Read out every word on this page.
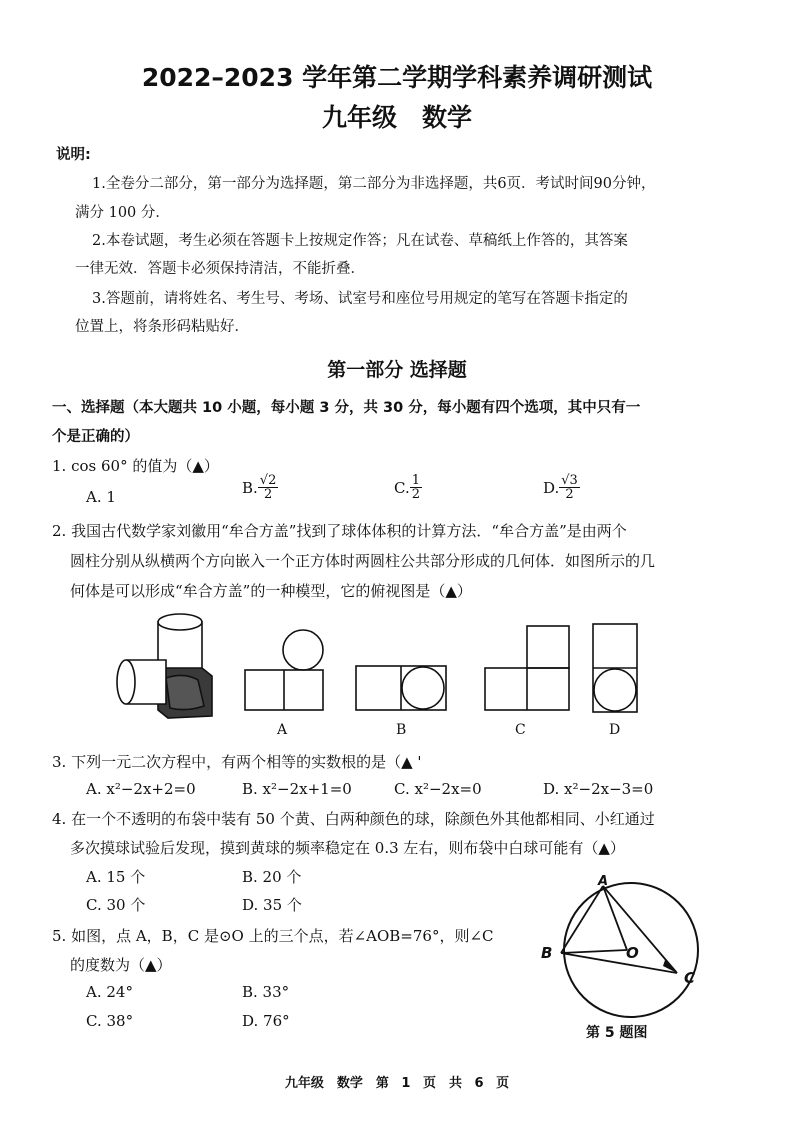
2022–2023 学年第二学期学科素养调研测试
九年级　数学
说明:
1.全卷分二部分，第一部分为选择题，第二部分为非选择题，共6页．考试时间90分钟，
满分 100 分．
2.本卷试题，考生必须在答题卡上按规定作答；凡在试卷、草稿纸上作答的，其答案
一律无效．答题卡必须保持清洁，不能折叠．
3.答题前，请将姓名、考生号、考场、试室号和座位号用规定的笔写在答题卡指定的
位置上，将条形码粘贴好．
第一部分 选择题
一、选择题（本大题共 10 小题，每小题 3 分，共 30 分，每小题有四个选项，其中只有一
个是正确的）
1. cos 60° 的值为（▲）
A. 1
B. $\frac{√2}{2}$	C. $\frac{1}{2}$	D. $\frac{√3}{2}$
2. 我国古代数学家刘徽用“牟合方盖”找到了球体体积的计算方法．“牟合方盖”是由两个
圆柱分别从纵横两个方向嵌入一个正方体时两圆柱公共部分形成的几何体．如图所示的几
何体是可以形成“牟合方盖”的一种模型，它的俯视图是（▲）
A	B	C	D
3. 下列一元二次方程中，有两个相等的实数根的是（▲ '
A. x²−2x+2=0	B. x²−2x+1=0	C. x²−2x=0	D. x²−2x−3=0
4. 在一个不透明的布袋中装有 50 个黄、白两种颜色的球，除颜色外其他都相同、小红通过
多次摸球试验后发现，摸到黄球的频率稳定在 0.3 左右，则布袋中白球可能有（▲）
A. 15 个	B. 20 个
C. 30 个	D. 35 个
5. 如图，点 A，B，C 是⊙O 上的三个点，若∠AOB=76°，则∠C
的度数为（▲）
A. 24°	B. 33°
C. 38°	D. 76°
A
B
C
O
第 5 题图
九年级　数学　第 1 页　共 6 页
